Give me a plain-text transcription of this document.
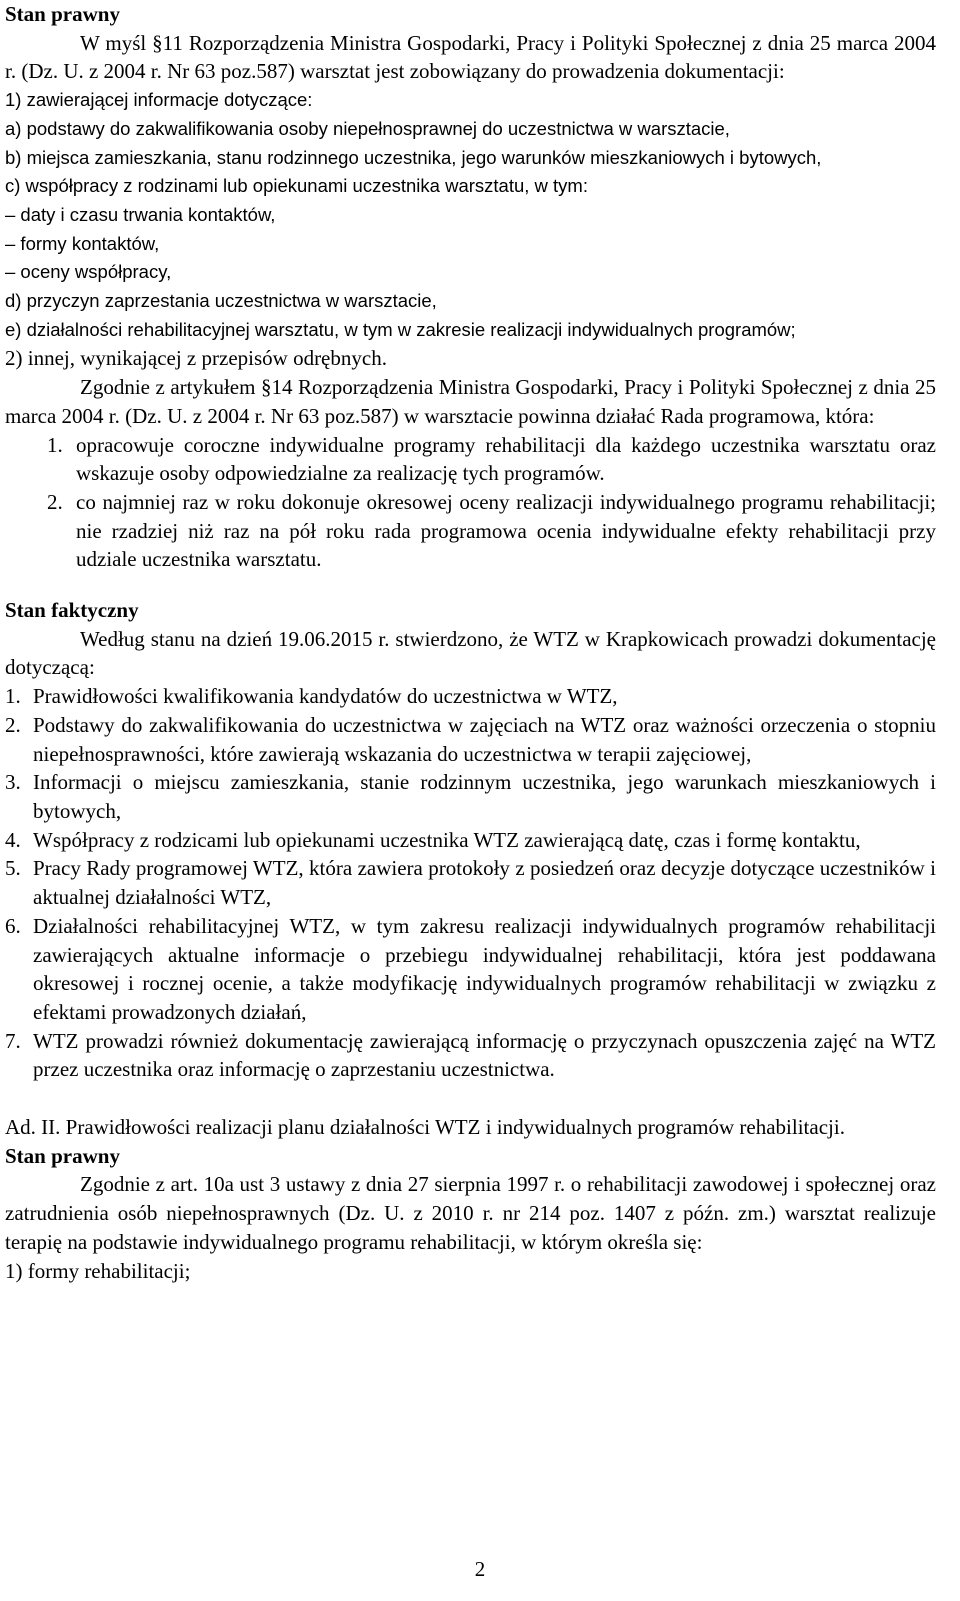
Stan prawny

W myśl §11 Rozporządzenia Ministra Gospodarki, Pracy i Polityki Społecznej z dnia 25 marca 2004 r. (Dz. U. z 2004 r. Nr 63 poz.587) warsztat jest zobowiązany do prowadzenia dokumentacji:

1) zawierającej informacje dotyczące:

a) podstawy do zakwalifikowania osoby niepełnosprawnej do uczestnictwa w warsztacie,

b) miejsca zamieszkania, stanu rodzinnego uczestnika, jego warunków mieszkaniowych i bytowych,

c) współpracy z rodzinami lub opiekunami uczestnika warsztatu, w tym:

– daty i czasu trwania kontaktów,

– formy kontaktów,

– oceny współpracy,

d) przyczyn zaprzestania uczestnictwa w warsztacie,

e) działalności rehabilitacyjnej warsztatu, w tym w zakresie realizacji indywidualnych programów;

2) innej, wynikającej z przepisów odrębnych.

Zgodnie z artykułem §14 Rozporządzenia Ministra Gospodarki, Pracy i Polityki Społecznej z dnia 25 marca 2004 r. (Dz. U. z 2004 r. Nr 63 poz.587) w warsztacie powinna działać Rada programowa, która:

1. opracowuje coroczne indywidualne programy rehabilitacji dla każdego uczestnika warsztatu oraz wskazuje osoby odpowiedzialne za realizację tych programów.
2. co najmniej raz w roku dokonuje okresowej oceny realizacji indywidualnego programu rehabilitacji; nie rzadziej niż raz na pół roku rada programowa ocenia indywidualne efekty rehabilitacji przy udziale uczestnika warsztatu.

Stan faktyczny

Według stanu na dzień 19.06.2015 r. stwierdzono, że WTZ w Krapkowicach prowadzi dokumentację dotyczącą:

1. Prawidłowości kwalifikowania kandydatów do uczestnictwa w WTZ,
2. Podstawy do zakwalifikowania do uczestnictwa w zajęciach na WTZ oraz ważności orzeczenia o stopniu niepełnosprawności, które zawierają wskazania do uczestnictwa w terapii zajęciowej,
3. Informacji o miejscu zamieszkania, stanie rodzinnym uczestnika, jego warunkach mieszkaniowych i bytowych,
4. Współpracy z rodzicami lub opiekunami uczestnika WTZ zawierającą datę, czas i formę kontaktu,
5. Pracy Rady programowej WTZ, która zawiera protokoły z posiedzeń oraz decyzje dotyczące uczestników i aktualnej działalności WTZ,
6. Działalności rehabilitacyjnej WTZ, w tym zakresu realizacji indywidualnych programów rehabilitacji zawierających aktualne informacje o przebiegu indywidualnej rehabilitacji, która jest poddawana okresowej i rocznej ocenie, a także modyfikację indywidualnych programów rehabilitacji w związku z efektami prowadzonych działań,
7. WTZ prowadzi również dokumentację zawierającą informację o przyczynach opuszczenia zajęć na WTZ przez uczestnika oraz informację o zaprzestaniu uczestnictwa.

Ad. II. Prawidłowości realizacji planu działalności WTZ i indywidualnych programów rehabilitacji.

Stan prawny

Zgodnie z art. 10a ust 3 ustawy z dnia 27 sierpnia 1997 r. o rehabilitacji zawodowej i społecznej oraz zatrudnienia osób niepełnosprawnych (Dz. U. z 2010 r. nr 214 poz. 1407 z późn. zm.) warsztat realizuje terapię na podstawie indywidualnego programu rehabilitacji, w którym określa się:

1) formy rehabilitacji;

2
